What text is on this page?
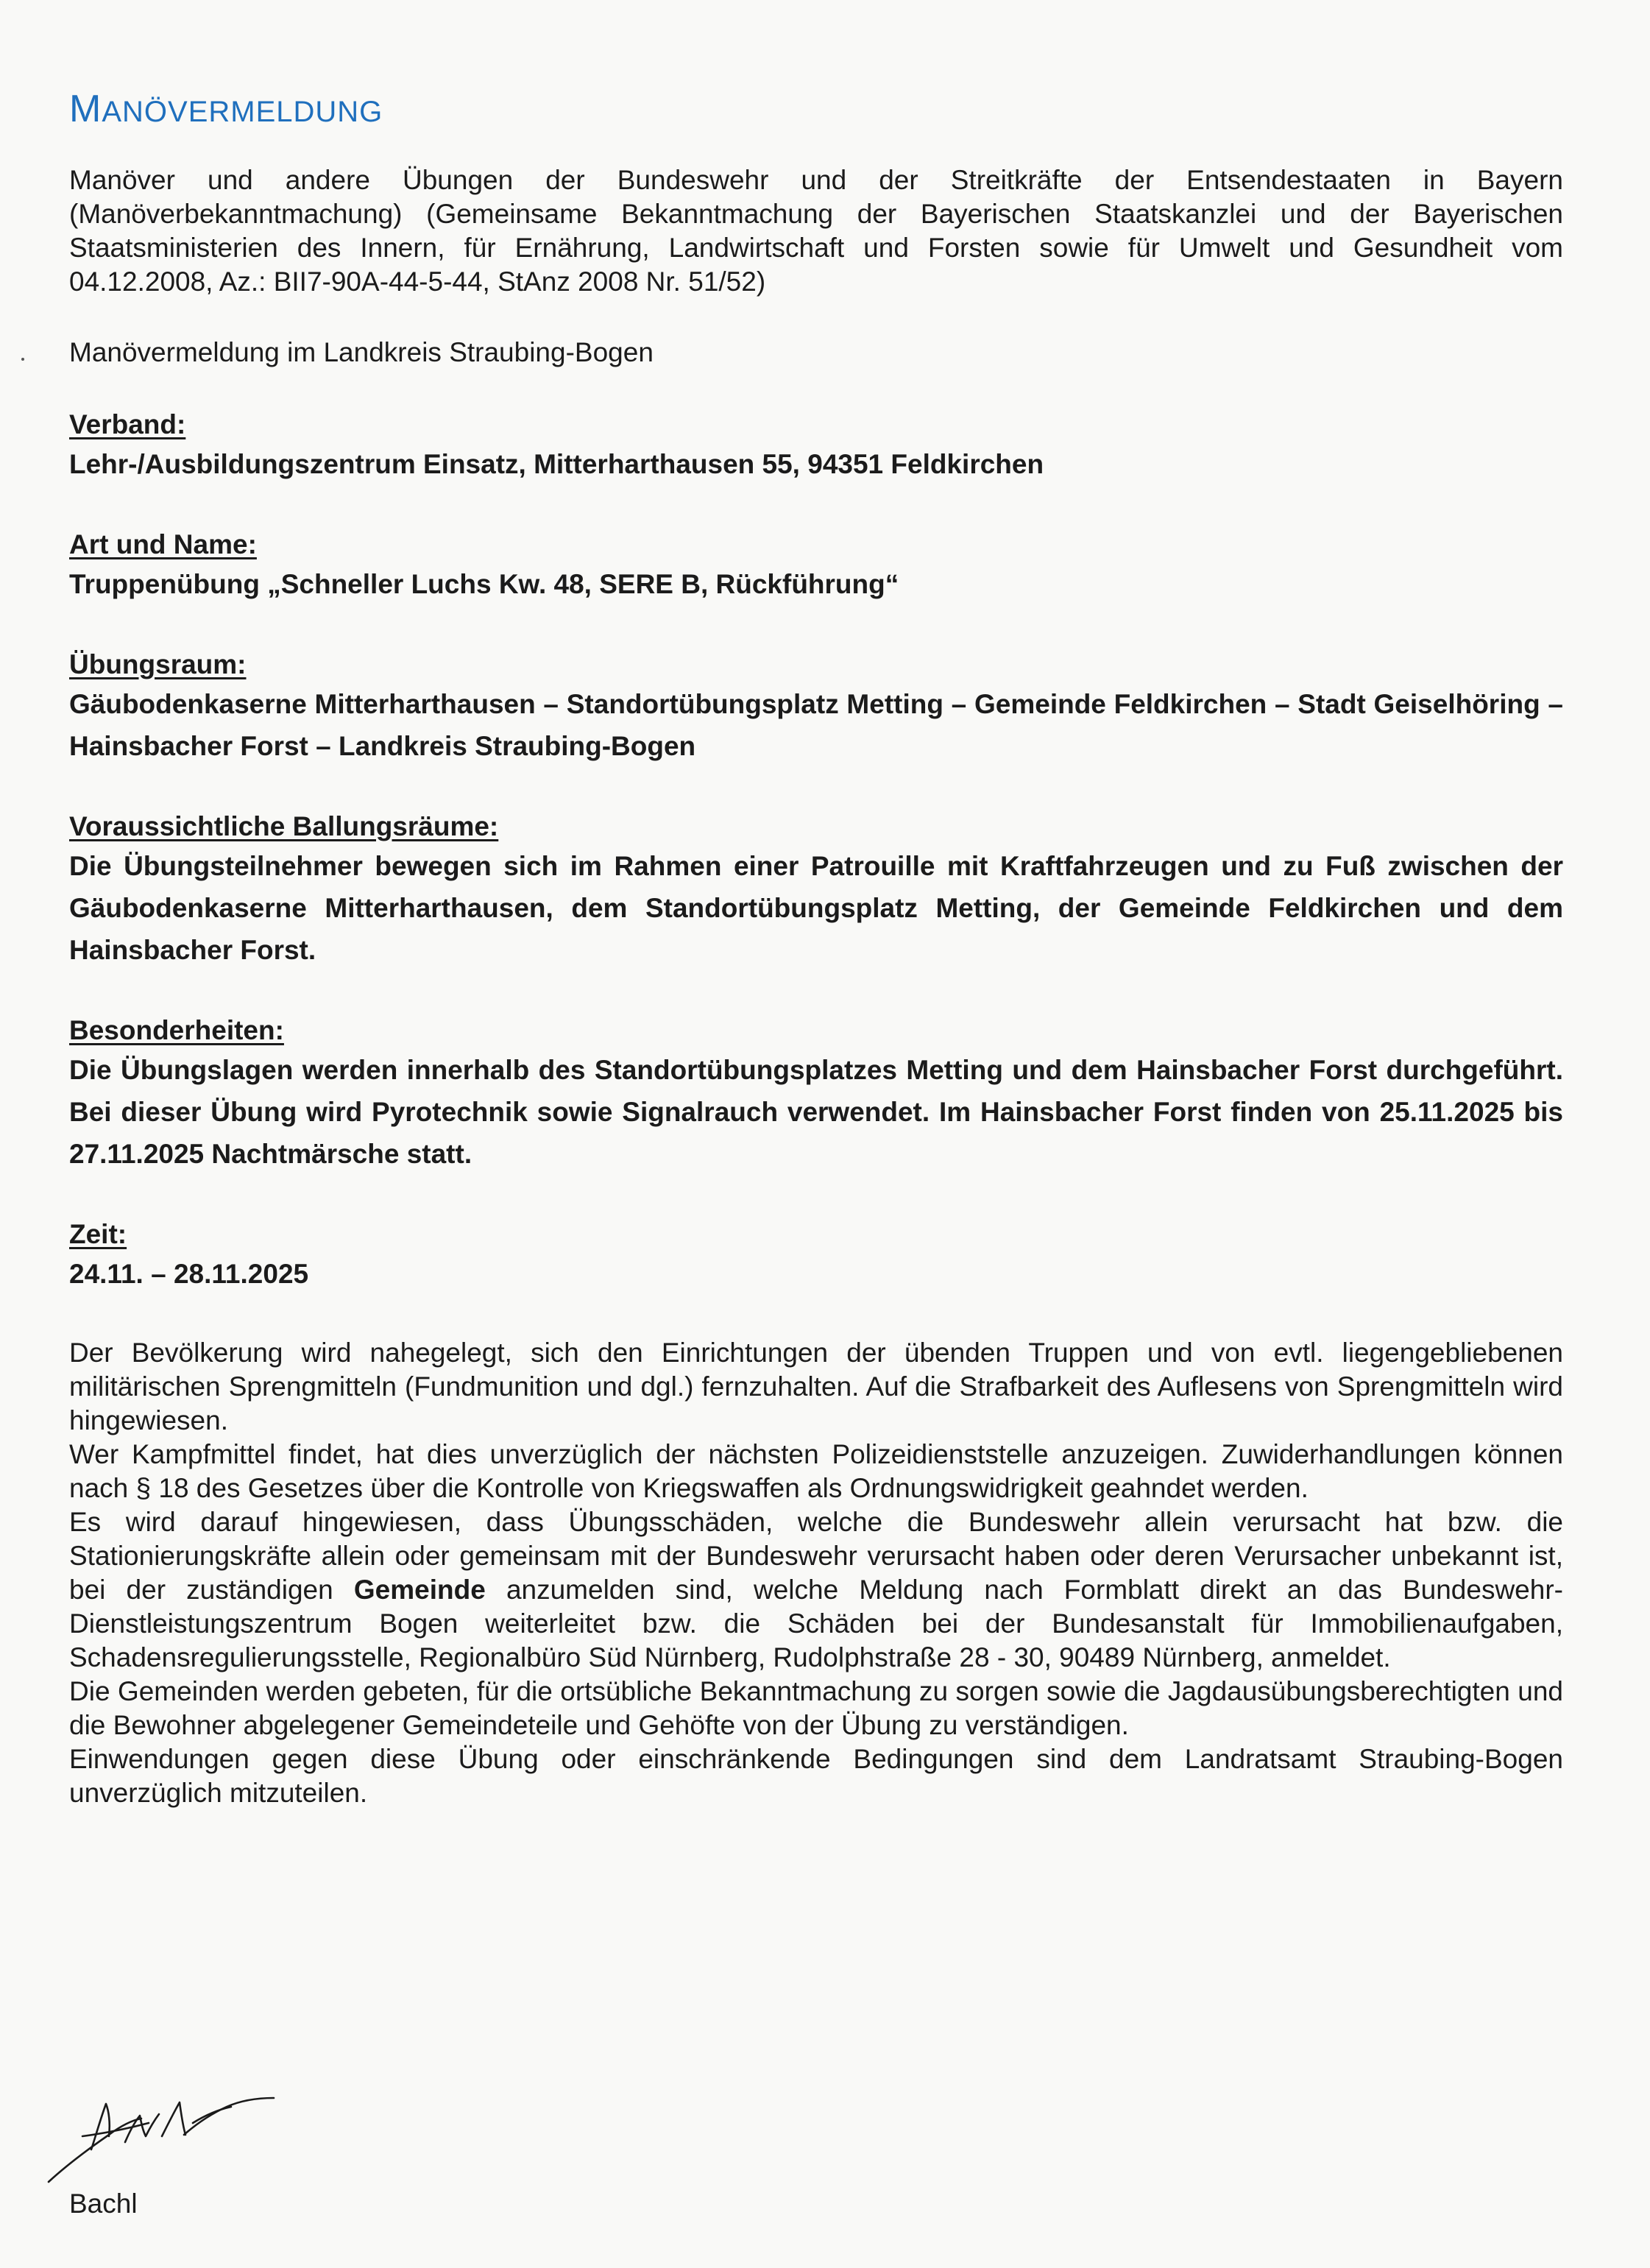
MANÖVERMELDUNG

Manöver und andere Übungen der Bundeswehr und der Streitkräfte der Entsendestaaten in Bayern (Manöverbekanntmachung) (Gemeinsame Bekanntmachung der Bayerischen Staatskanzlei und der Bayerischen Staatsministerien des Innern, für Ernährung, Landwirtschaft und Forsten sowie für Umwelt und Gesundheit vom 04.12.2008, Az.: BII7-90A-44-5-44, StAnz 2008 Nr. 51/52)

Manövermeldung im Landkreis Straubing-Bogen

Verband:
Lehr-/Ausbildungszentrum Einsatz, Mitterharthausen 55, 94351 Feldkirchen
Art und Name:
Truppenübung „Schneller Luchs Kw. 48, SERE B, Rückführung“
Übungsraum:
Gäubodenkaserne Mitterharthausen – Standortübungsplatz Metting – Gemeinde Feldkirchen – Stadt Geiselhöring – Hainsbacher Forst – Landkreis Straubing-Bogen
Voraussichtliche Ballungsräume:
Die Übungsteilnehmer bewegen sich im Rahmen einer Patrouille mit Kraftfahrzeugen und zu Fuß zwischen der Gäubodenkaserne Mitterharthausen, dem Standortübungsplatz Metting, der Gemeinde Feldkirchen und dem Hainsbacher Forst.
Besonderheiten:
Die Übungslagen werden innerhalb des Standortübungsplatzes Metting und dem Hainsbacher Forst durchgeführt. Bei dieser Übung wird Pyrotechnik sowie Signalrauch verwendet. Im Hainsbacher Forst finden von 25.11.2025 bis 27.11.2025 Nachtmärsche statt.
Zeit:
24.11. – 28.11.2025

Der Bevölkerung wird nahegelegt, sich den Einrichtungen der übenden Truppen und von evtl. liegengebliebenen militärischen Sprengmitteln (Fundmunition und dgl.) fernzuhalten. Auf die Strafbarkeit des Auflesens von Sprengmitteln wird hingewiesen.

Wer Kampfmittel findet, hat dies unverzüglich der nächsten Polizeidienststelle anzuzeigen. Zuwiderhandlungen können nach § 18 des Gesetzes über die Kontrolle von Kriegswaffen als Ordnungswidrigkeit geahndet werden.

Es wird darauf hingewiesen, dass Übungsschäden, welche die Bundeswehr allein verursacht hat bzw. die Stationierungskräfte allein oder gemeinsam mit der Bundeswehr verursacht haben oder deren Verursacher unbekannt ist, bei der zuständigen Gemeinde anzumelden sind, welche Meldung nach Formblatt direkt an das Bundeswehr-Dienstleistungszentrum Bogen weiterleitet bzw. die Schäden bei der Bundesanstalt für Immobilienaufgaben, Schadensregulierungsstelle, Regionalbüro Süd Nürnberg, Rudolphstraße 28 - 30, 90489 Nürnberg, anmeldet.

Die Gemeinden werden gebeten, für die ortsübliche Bekanntmachung zu sorgen sowie die Jagdausübungsberechtigten und die Bewohner abgelegener Gemeindeteile und Gehöfte von der Übung zu verständigen.

Einwendungen gegen diese Übung oder einschränkende Bedingungen sind dem Landratsamt Straubing-Bogen unverzüglich mitzuteilen.

Bachl
